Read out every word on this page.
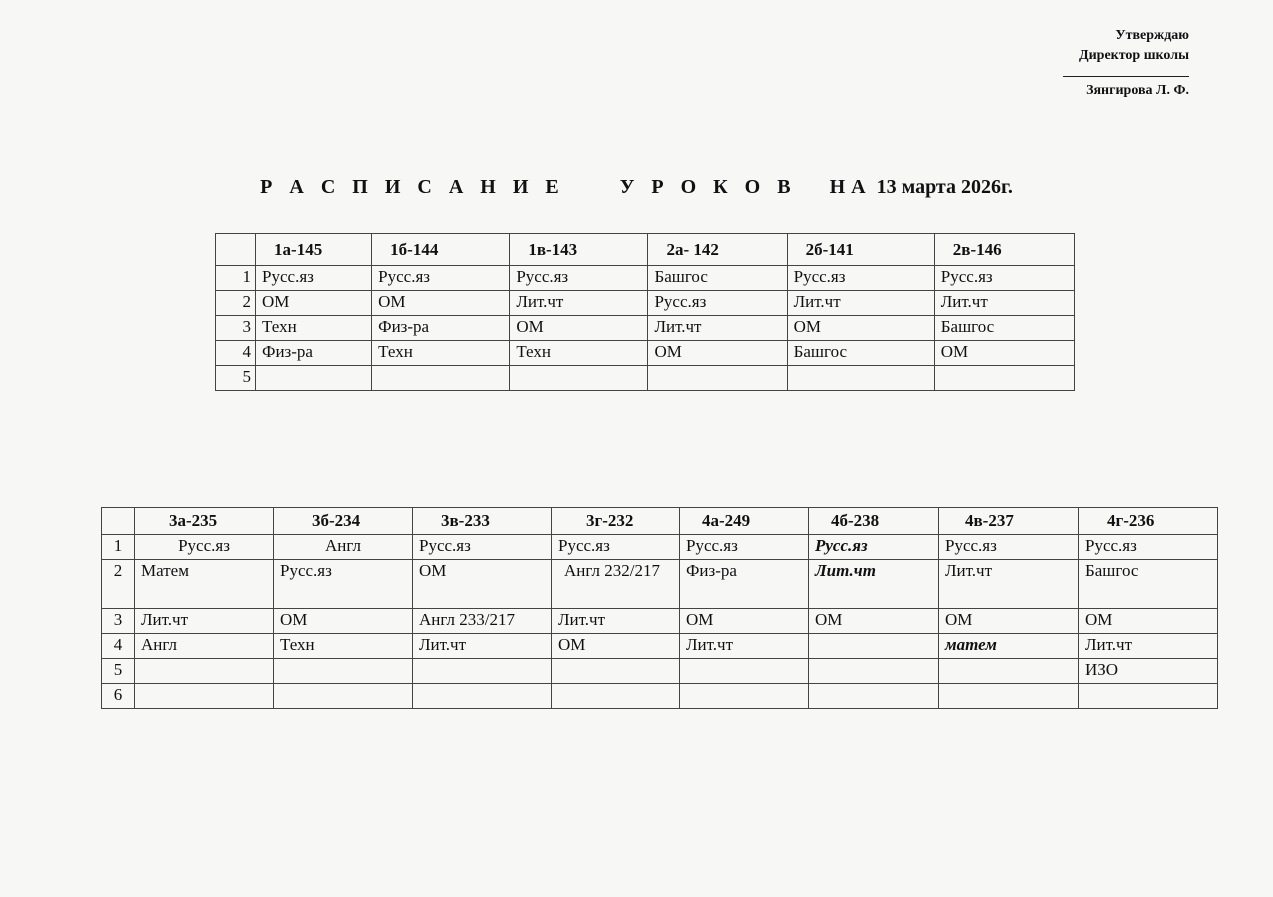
Утверждаю
Директор школы
Зянгирова Л. Ф.
Р А С П И С А Н И Е     У Р О К О В   НА 13 марта 2026г.
	1а-145	1б-144	1в-143	2а- 142	2б-141	2в-146
1	Русс.яз	Русс.яз	Русс.яз	Башгос	Русс.яз	Русс.яз
2	ОМ	ОМ	Лит.чт	Русс.яз	Лит.чт	Лит.чт
3	Техн	Физ-ра	ОМ	Лит.чт	ОМ	Башгос
4	Физ-ра	Техн	Техн	ОМ	Башгос	ОМ
5						
	3а-235	3б-234	3в-233	3г-232	4а-249	4б-238	4в-237	4г-236
1	Русс.яз	Англ	Русс.яз	Русс.яз	Русс.яз	Русс.яз	Русс.яз	Русс.яз
2	Матем	Русс.яз	ОМ	Англ 232/217	Физ-ра	Лит.чт	Лит.чт	Башгос
3	Лит.чт	ОМ	Англ 233/217	Лит.чт	ОМ	ОМ	ОМ	ОМ
4	Англ	Техн	Лит.чт	ОМ	Лит.чт		матем	Лит.чт
5								ИЗО
6								
